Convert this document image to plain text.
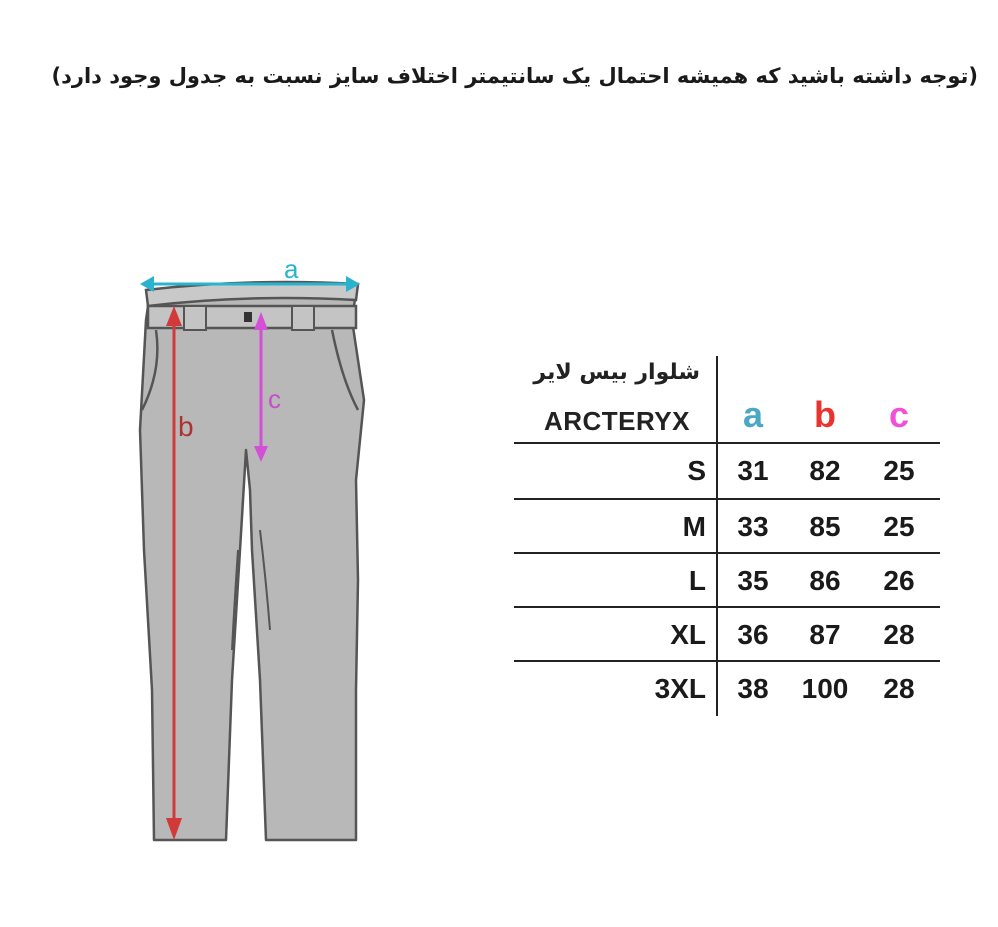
(توجه داشته باشید که همیشه احتمال یک سانتیمتر اختلاف سایز نسبت به جدول وجود دارد)
a
b
c
شلوار بیس لایر
ARCTERYX	a	b	c
S	31	82	25
M	33	85	25
L	35	86	26
XL	36	87	28
3XL	38	100	28
